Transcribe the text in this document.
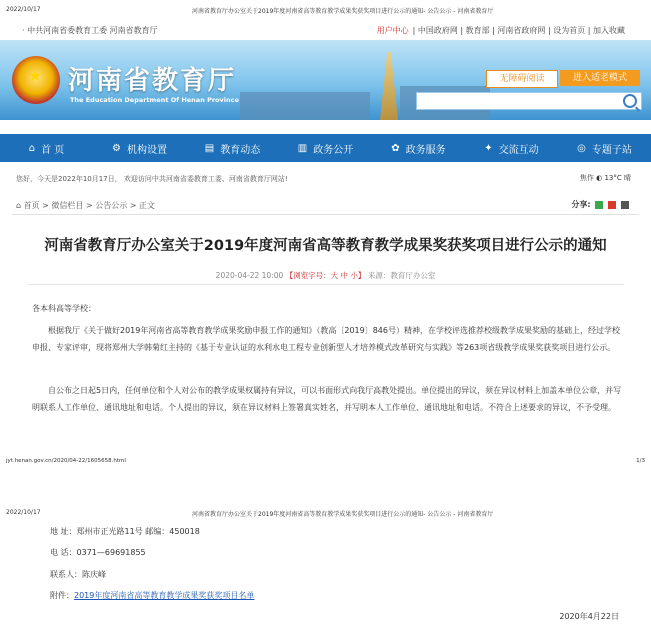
2022/10/17	河南省教育厅办公室关于2019年度河南省高等教育教学成果奖获奖项目进行公示的通知- 公告公示 - 河南省教育厅
· 中共河南省委教育工委 河南省教育厅	用户中心 | 中国政府网 | 教育部 | 河南省政府网 | 设为首页 | 加入收藏
★ 河南省教育厅
The Education Department Of Henan Province
无障碍阅读	进入适老模式
⌂ 首 页	⚙ 机构设置	▤ 教育动态	▥ 政务公开	✿ 政务服务	✦ 交流互动	◎ 专题子站
您好，今天是2022年10月17日， 欢迎访问中共河南省委教育工委、河南省教育厅网站!	焦作 ◐ 13°C 晴
⌂ 首页 > 微信栏目 > 公告公示 > 正文	分享:
河南省教育厅办公室关于2019年度河南省高等教育教学成果奖获奖项目进行公示的通知
2020-04-22 10:00 【浏览字号：大 中 小】 来源：教育厅办公室
各本科高等学校：
根据我厅《关于做好2019年河南省高等教育教学成果奖励申报工作的通知》（教高〔2019〕846号）精神，在学校评选推荐校级教学成果奖励的基础上，经过学校申报、专家评审，现将郑州大学韩菊红主持的《基于专业认证的水利水电工程专业创新型人才培养模式改革研究与实践》等263项省级教学成果奖获奖项目进行公示。
自公布之日起5日内，任何单位和个人对公布的教学成果权属持有异议，可以书面形式向我厅高教处提出。单位提出的异议，须在异议材料上加盖本单位公章，并写明联系人工作单位、通讯地址和电话。个人提出的异议，须在异议材料上签署真实姓名，并写明本人工作单位、通讯地址和电话。不符合上述要求的异议，不予受理。
jyt.henan.gov.cn/2020/04-22/1605658.html	1/3
2022/10/17	河南省教育厅办公室关于2019年度河南省高等教育教学成果奖获奖项目进行公示的通知- 公告公示 - 河南省教育厅
地 址：郑州市正光路11号 邮编：450018
电 话：0371—69691855
联系人：陈庆峰
附件：2019年度河南省高等教育教学成果奖获奖项目名单
2020年4月22日
